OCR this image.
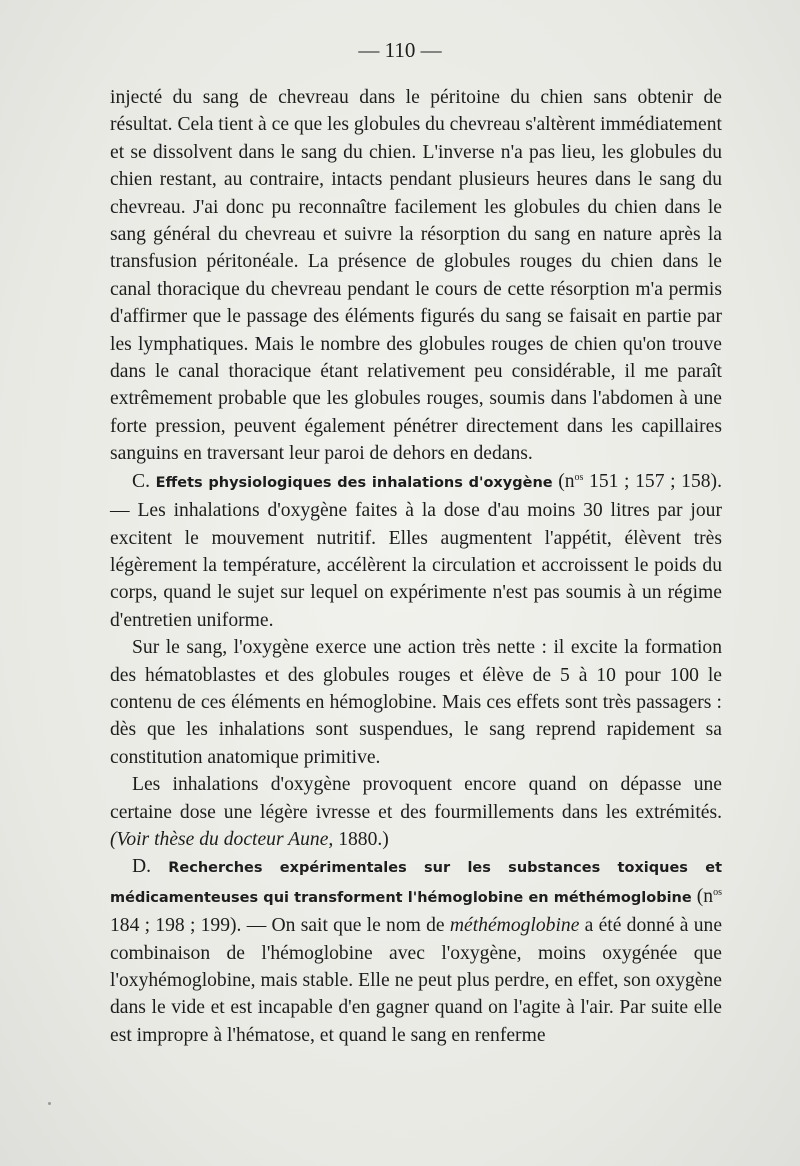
— 110 —

injecté du sang de chevreau dans le péritoine du chien sans obtenir de résultat. Cela tient à ce que les globules du chevreau s'altèrent immédiatement et se dissolvent dans le sang du chien. L'inverse n'a pas lieu, les globules du chien restant, au contraire, intacts pendant plusieurs heures dans le sang du chevreau. J'ai donc pu reconnaître facilement les globules du chien dans le sang général du chevreau et suivre la résorption du sang en nature après la transfusion péritonéale. La présence de globules rouges du chien dans le canal thoracique du chevreau pendant le cours de cette résorption m'a permis d'affirmer que le passage des éléments figurés du sang se faisait en partie par les lymphatiques. Mais le nombre des globules rouges de chien qu'on trouve dans le canal thoracique étant relativement peu considérable, il me paraît extrêmement probable que les globules rouges, soumis dans l'abdomen à une forte pression, peuvent également pénétrer directement dans les capillaires sanguins en traversant leur paroi de dehors en dedans.

C. Effets physiologiques des inhalations d'oxygène ($n^{os}$ 151 ; 157 ; 158). — Les inhalations d'oxygène faites à la dose d'au moins 30 litres par jour excitent le mouvement nutritif. Elles augmentent l'appétit, élèvent très légèrement la température, accélèrent la circulation et accroissent le poids du corps, quand le sujet sur lequel on expérimente n'est pas soumis à un régime d'entretien uniforme.

Sur le sang, l'oxygène exerce une action très nette : il excite la formation des hématoblastes et des globules rouges et élève de 5 à 10 pour 100 le contenu de ces éléments en hémoglobine. Mais ces effets sont très passagers : dès que les inhalations sont suspendues, le sang reprend rapidement sa constitution anatomique primitive.

Les inhalations d'oxygène provoquent encore quand on dépasse une certaine dose une légère ivresse et des fourmillements dans les extrémités. (Voir thèse du docteur Aune, 1880.)

D. Recherches expérimentales sur les substances toxiques et médicamenteuses qui transforment l'hémoglobine en méthémoglobine ($n^{os}$ 184 ; 198 ; 199). — On sait que le nom de méthémoglobine a été donné à une combinaison de l'hémoglobine avec l'oxygène, moins oxygénée que l'oxyhémoglobine, mais stable. Elle ne peut plus perdre, en effet, son oxygène dans le vide et est incapable d'en gagner quand on l'agite à l'air. Par suite elle est impropre à l'hématose, et quand le sang en renferme
